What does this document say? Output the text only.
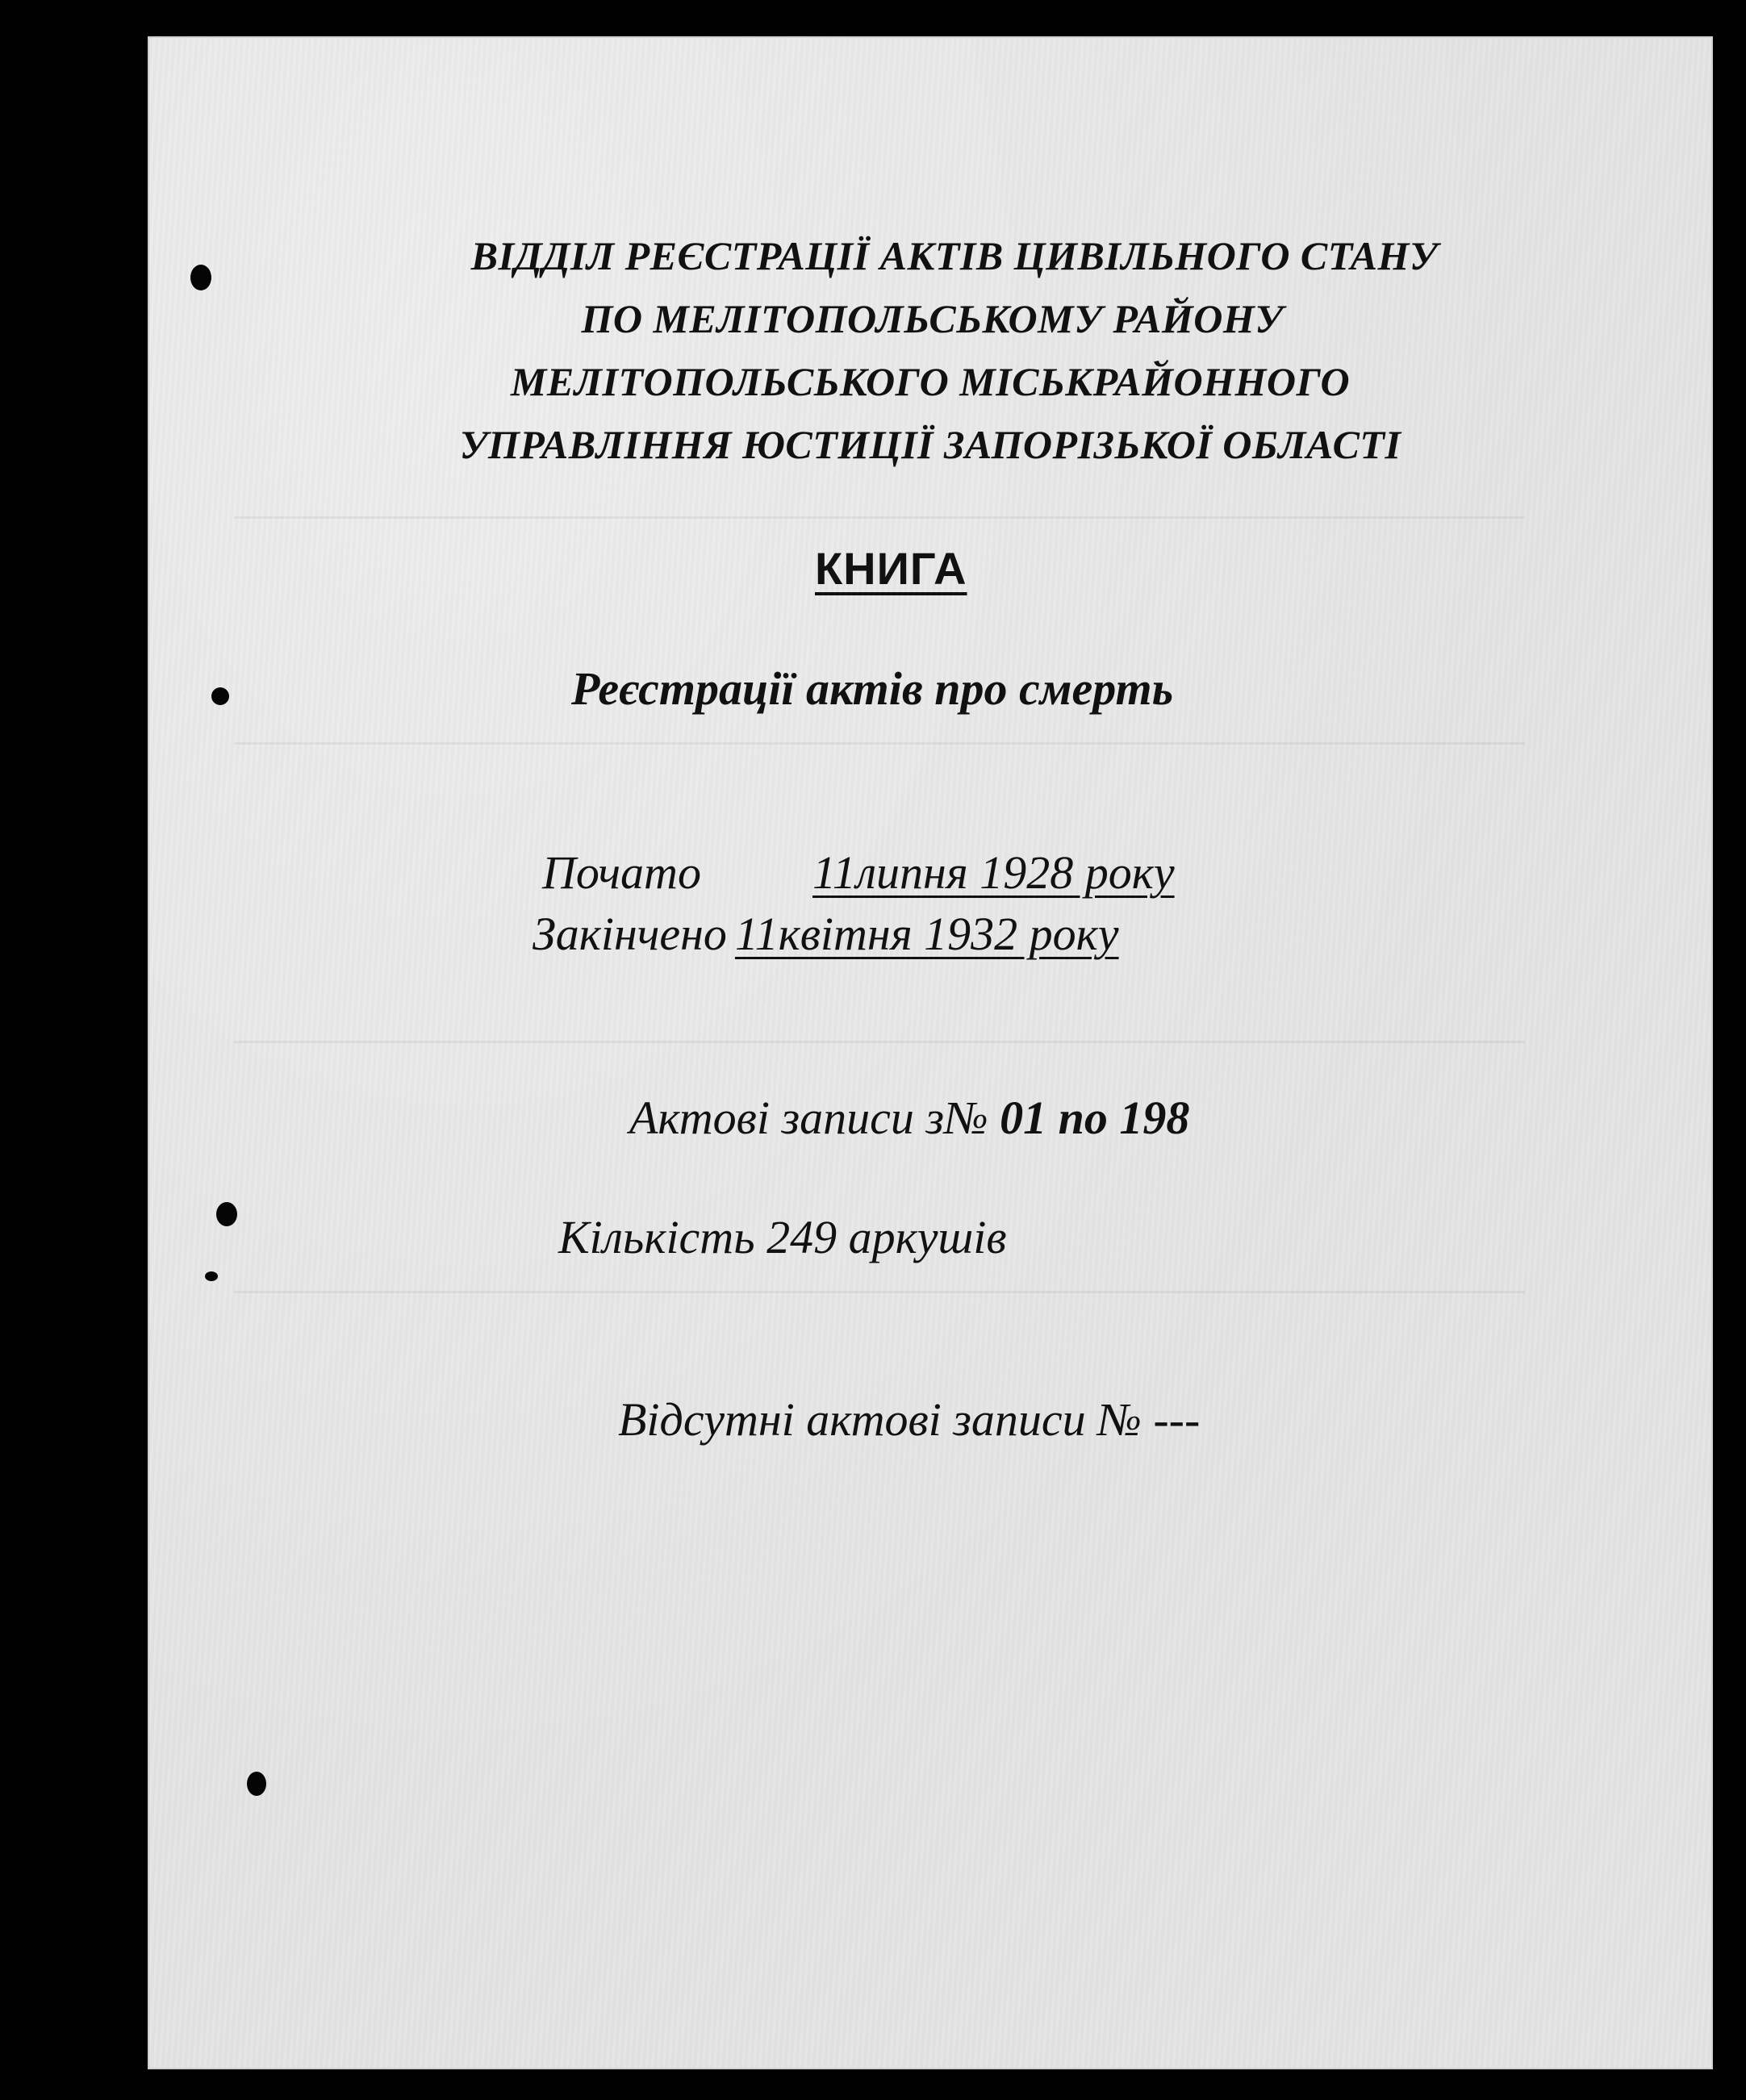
ВІДДІЛ РЕЄСТРАЦІЇ АКТІВ ЦИВІЛЬНОГО СТАНУ
ПО МЕЛІТОПОЛЬСЬКОМУ РАЙОНУ
МЕЛІТОПОЛЬСЬКОГО МІСЬКРАЙОННОГО
УПРАВЛІННЯ ЮСТИЦІЇ ЗАПОРІЗЬКОЇ ОБЛАСТІ
КНИГА
Реєстрації актів про смерть
Почато 11липня 1928 року
Закінчено 11квітня 1932 року
Актові записи з№ 01 по 198
Кількість 249 аркушів
Відсутні актові записи № ---
